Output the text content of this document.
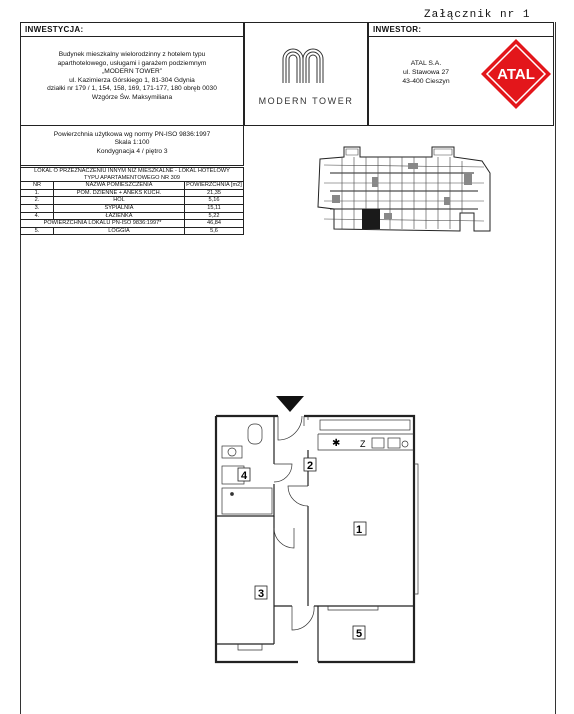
Załącznik nr 1
INWESTYCJA:
Budynek mieszkalny wielorodzinny z hotelem typu
aparthotelowego, usługami i garażem podziemnym
„MODERN TOWER”
ul. Kazimierza Górskiego 1, 81-304 Gdynia
działki nr 179 / 1, 154, 158, 169, 171-177, 180 obręb 0030
Wzgórze Św. Maksymiliana	MODERN TOWER
INWESTOR:
ATAL S.A.
ul. Stawowa 27
43-400 Cieszyn	ATAL
Powierzchnia użytkowa wg normy PN-ISO 9836:1997
Skala 1:100
Kondygnacja 4 / piętro 3
LOKAL O PRZEZNACZENIU INNYM NIŻ MIESZKALNE - LOKAL HOTELOWY
TYPU APARTAMENTOWEGO NR 309		

NR	NAZWA POMIESZCZENIA	POWIERZCHNIA [m2]
1.	POM. DZIENNE + ANEKS KUCH.	21,35
2.	HOL	5,16
3.	SYPIALNIA	15,11
4.	ŁAZIENKA	5,22
POWIERZCHNIA LOKALU PN-ISO 9836:1997*		46,84
5.	LOGGIA	5,6
✱ Z
1
2
3
4
5
